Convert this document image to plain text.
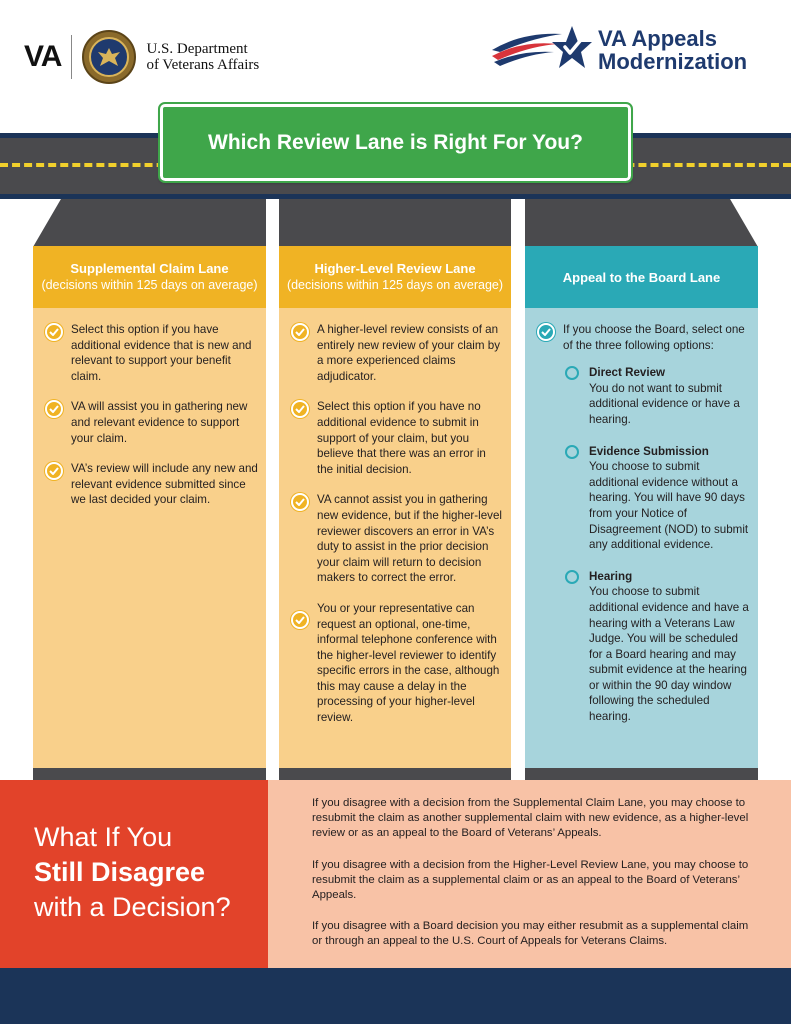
VA	U.S. Department
of Veterans Affairs
VA Appeals
Modernization
Which Review Lane is Right For You?
Supplemental Claim Lane
(decisions within 125 days on average)
Select this option if you have additional evidence that is new and relevant to support your benefit claim.
VA will assist you in gathering new and relevant evidence to support your claim.
VA’s review will include any new and relevant evidence submitted since we last decided your claim.
Higher-Level Review Lane
(decisions within 125 days on average)
A higher-level review consists of an entirely new review of your claim by a more experienced claims adjudicator.
Select this option if you have no additional evidence to submit in support of your claim, but you believe that there was an error in the initial decision.
VA cannot assist you in gathering new evidence, but if the higher-level reviewer discovers an error in VA’s duty to assist in the prior decision your claim will return to decision makers to correct the error.
You or your representative can request an optional, one-time, informal telephone conference with the higher-level reviewer to identify specific errors in the case, although this may cause a delay in the processing of your higher-level review.
Appeal to the Board Lane
If you choose the Board, select one of the three following options:
Direct Review
You do not want to submit additional evidence or have a hearing.
Evidence Submission
You choose to submit additional evidence without a hearing. You will have 90 days from your Notice of Disagreement (NOD) to submit any additional evidence.
Hearing
You choose to submit additional evidence and have a hearing with a Veterans Law Judge. You will be scheduled for a Board hearing and may submit evidence at the hearing or within the 90 day window following the scheduled hearing.
What If You
Still Disagree
with a Decision?

If you disagree with a decision from the Supplemental Claim Lane, you may choose to resubmit the claim as another supplemental claim with new evidence, as a higher-level review or as an appeal to the Board of Veterans’ Appeals.

If you disagree with a decision from the Higher-Level Review Lane, you may choose to resubmit the claim as a supplemental claim or as an appeal to the Board of Veterans’ Appeals.

If you disagree with a Board decision you may either resubmit as a supplemental claim or through an appeal to the U.S. Court of Appeals for Veterans Claims.
